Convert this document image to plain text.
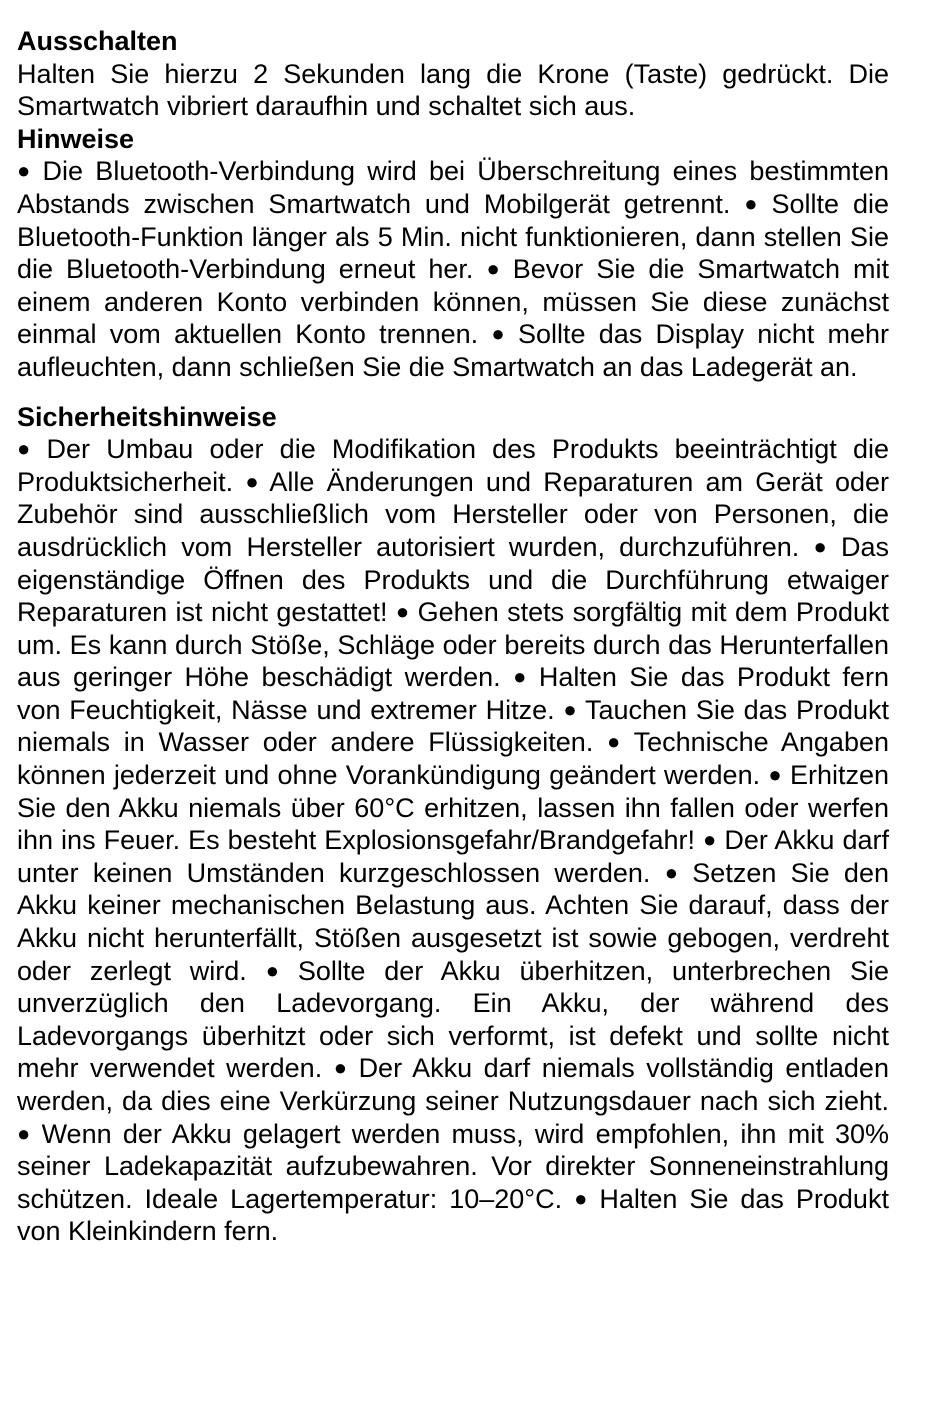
Ausschalten

Halten Sie hierzu 2 Sekunden lang die Krone (Taste) gedrückt. Die Smartwatch vibriert daraufhin und schaltet sich aus.

Hinweise

● Die Bluetooth-Verbindung wird bei Überschreitung eines bestimmten Abstands zwischen Smartwatch und Mobilgerät getrennt. ● Sollte die Bluetooth-Funktion länger als 5 Min. nicht funktionieren, dann stellen Sie die Bluetooth-Verbindung erneut her. ● Bevor Sie die Smartwatch mit einem anderen Konto verbinden können, müssen Sie diese zunächst einmal vom aktuellen Konto trennen. ● Sollte das Display nicht mehr aufleuchten, dann schließen Sie die Smartwatch an das Ladegerät an.

Sicherheitshinweise

● Der Umbau oder die Modifikation des Produkts beeinträchtigt die Produktsicherheit. ● Alle Änderungen und Reparaturen am Gerät oder Zubehör sind ausschließlich vom Hersteller oder von Personen, die ausdrücklich vom Hersteller autorisiert wurden, durchzuführen. ● Das eigenständige Öffnen des Produkts und die Durchführung etwaiger Reparaturen ist nicht gestattet! ● Gehen stets sorgfältig mit dem Produkt um. Es kann durch Stöße, Schläge oder bereits durch das Herunterfallen aus geringer Höhe beschädigt werden. ● Halten Sie das Produkt fern von Feuchtigkeit, Nässe und extremer Hitze. ● Tauchen Sie das Produkt niemals in Wasser oder andere Flüssigkeiten. ● Technische Angaben können jederzeit und ohne Vorankündigung geändert werden. ● Erhitzen Sie den Akku niemals über 60°C erhitzen, lassen ihn fallen oder werfen ihn ins Feuer. Es besteht Explosionsgefahr/Brandgefahr! ● Der Akku darf unter keinen Umständen kurzgeschlossen werden. ● Setzen Sie den Akku keiner mechanischen Belastung aus. Achten Sie darauf, dass der Akku nicht herunterfällt, Stößen ausgesetzt ist sowie gebogen, verdreht oder zerlegt wird. ● Sollte der Akku überhitzen, unterbrechen Sie unverzüglich den Ladevorgang. Ein Akku, der während des Ladevorgangs überhitzt oder sich verformt, ist defekt und sollte nicht mehr verwendet werden. ● Der Akku darf niemals vollständig entladen werden, da dies eine Verkürzung seiner Nutzungsdauer nach sich zieht. ● Wenn der Akku gelagert werden muss, wird empfohlen, ihn mit 30% seiner Ladekapazität aufzubewahren. Vor direkter Sonneneinstrahlung schützen. Ideale Lagertemperatur: 10–20°C. ● Halten Sie das Produkt von Kleinkindern fern.
